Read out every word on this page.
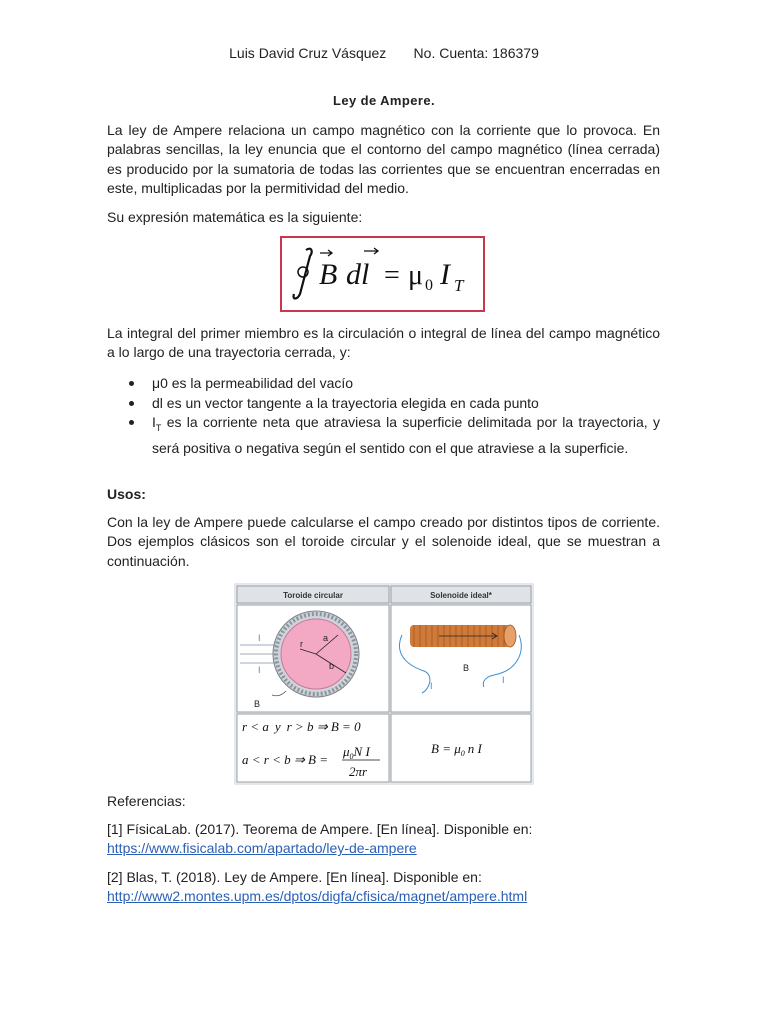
Luis David Cruz Vásquez No. Cuenta: 186379
Ley de Ampere.

La ley de Ampere relaciona un campo magnético con la corriente que lo provoca. En palabras sencillas, la ley enuncia que el contorno del campo magnético (línea cerrada) es producido por la sumatoria de todas las corrientes que se encuentran encerradas en este, multiplicadas por la permitividad del medio.

Su expresión matemática es la siguiente:

B dl = μ 0 I T

La integral del primer miembro es la circulación o integral de línea del campo magnético a lo largo de una trayectoria cerrada, y:

μ0 es la permeabilidad del vacío
dl es un vector tangente a la trayectoria elegida en cada punto
$I_T$ es la corriente neta que atraviesa la superficie delimitada por la trayectoria, y será positiva o negativa según el sentido con el que atraviese a la superficie.

Usos:

Con la ley de Ampere puede calcularse el campo creado por distintos tipos de corriente. Dos ejemplos clásicos son el toroide circular y el solenoide ideal, que se muestran a continuación.

Toroide circular	Solenoide ideal*
a
b
r
I
I
B
B
I
I
r < a y r > b ⇒ B = 0
a < r < b ⇒ B =
$\mu_0N$ I
2πr
$B = \mu_0$ n I

Referencias:

[1] FísicaLab. (2017). Teorema de Ampere. [En línea]. Disponible en:
https://www.fisicalab.com/apartado/ley-de-ampere

[2] Blas, T. (2018). Ley de Ampere. [En línea]. Disponible en:
http://www2.montes.upm.es/dptos/digfa/cfisica/magnet/ampere.html
